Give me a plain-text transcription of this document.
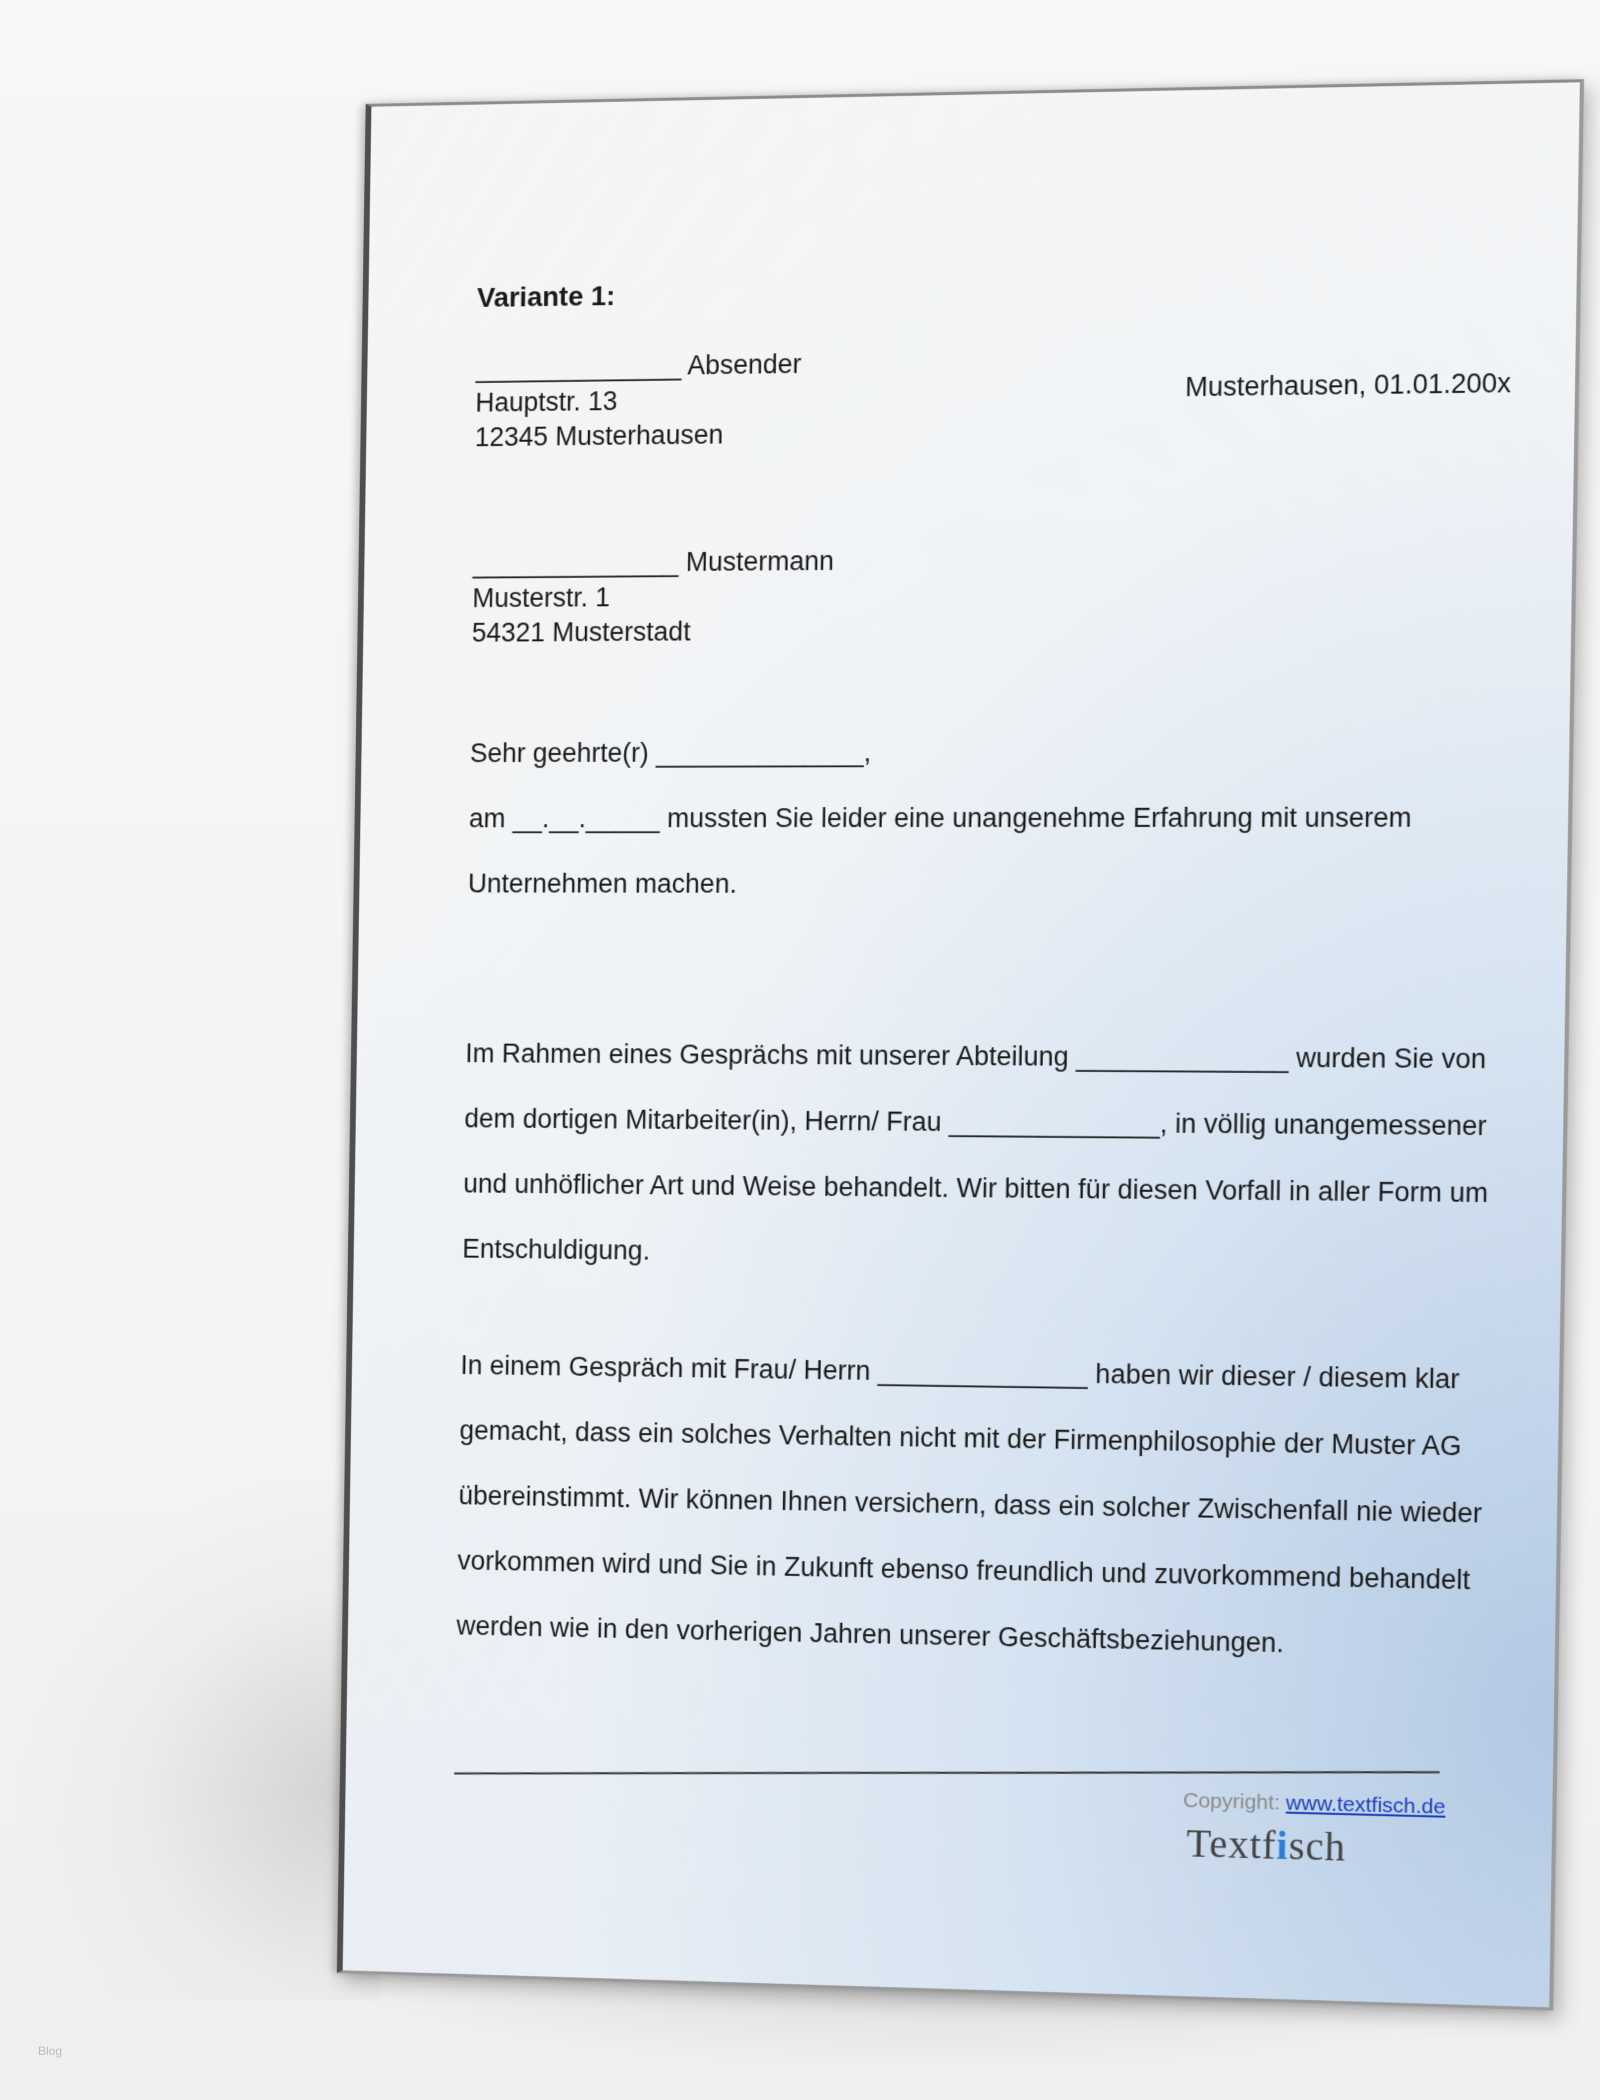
Variante 1:
______________ Absender
Hauptstr. 13
12345 Musterhausen
Musterhausen, 01.01.200x
______________ Mustermann
Musterstr. 1
54321 Musterstadt
Sehr geehrte(r) ______________,
am __.__._____ mussten Sie leider eine unangenehme Erfahrung mit unserem
Unternehmen machen.
Im Rahmen eines Gesprächs mit unserer Abteilung ______________ wurden Sie von
dem dortigen Mitarbeiter(in), Herrn/ Frau ______________, in völlig unangemessener
und unhöflicher Art und Weise behandelt. Wir bitten für diesen Vorfall in aller Form um
Entschuldigung.
In einem Gespräch mit Frau/ Herrn ______________ haben wir dieser / diesem klar
gemacht, dass ein solches Verhalten nicht mit der Firmenphilosophie der Muster AG
übereinstimmt. Wir können Ihnen versichern, dass ein solcher Zwischenfall nie wieder
vorkommen wird und Sie in Zukunft ebenso freundlich und zuvorkommend behandelt
werden wie in den vorherigen Jahren unserer Geschäftsbeziehungen.
Copyright: www.textfisch.de
Textfisch
Blog
